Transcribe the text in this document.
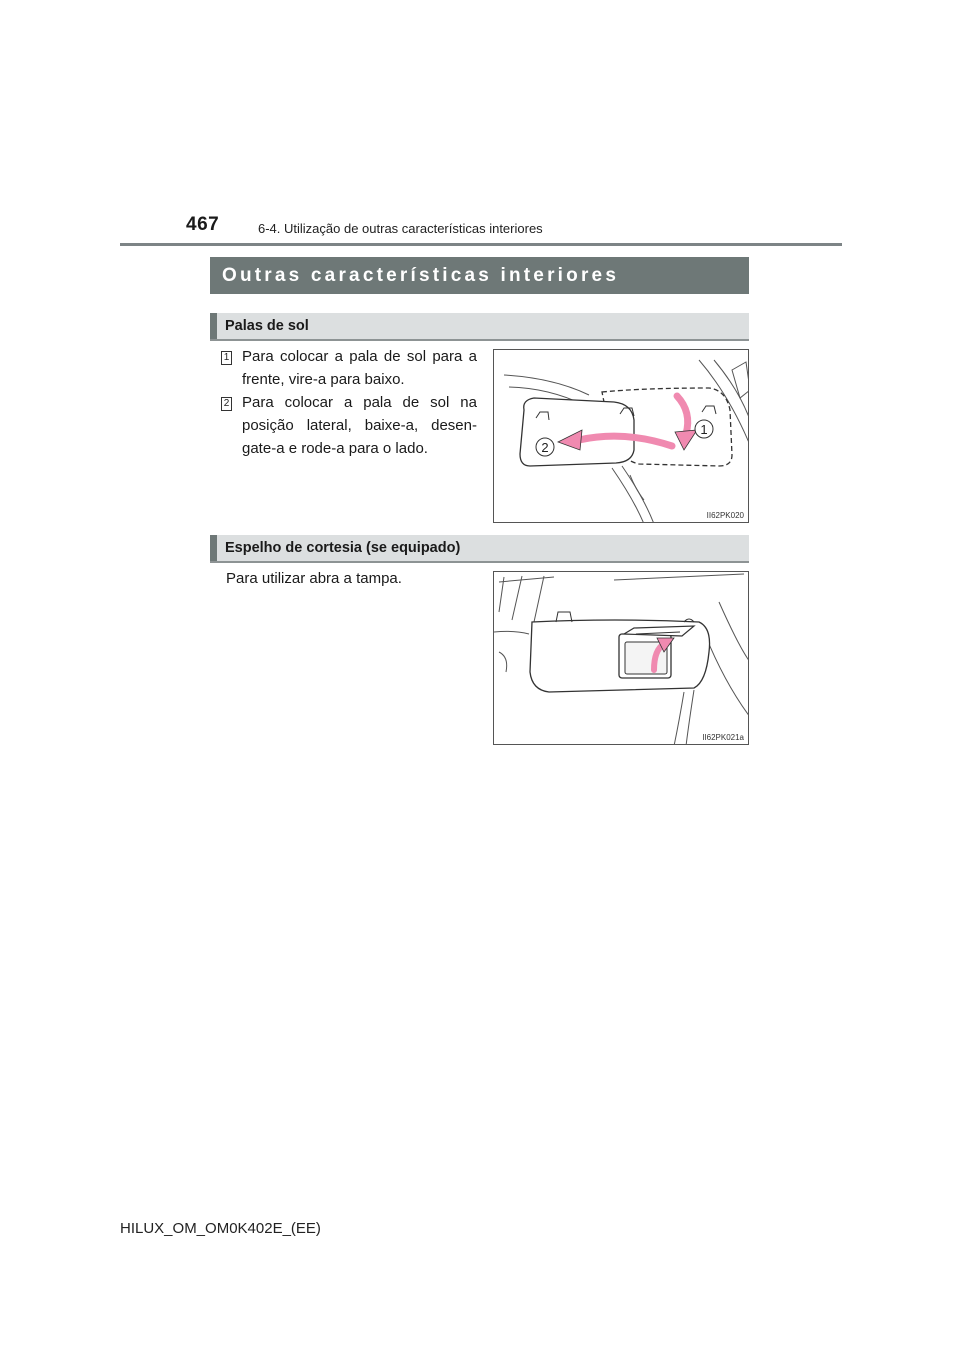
467	6-4. Utilização de outras características interiores
Outras características interiores
Palas de sol
1 Para colocar a pala de sol para a frente, vire-a para baixo.
2 Para colocar a pala de sol na posição lateral, baixe-a, desen-gate-a e rode-a para o lado.
1
2
II62PK020
Espelho de cortesia (se equipado)
Para utilizar abra a tampa.
II62PK021a
HILUX_OM_OM0K402E_(EE)
